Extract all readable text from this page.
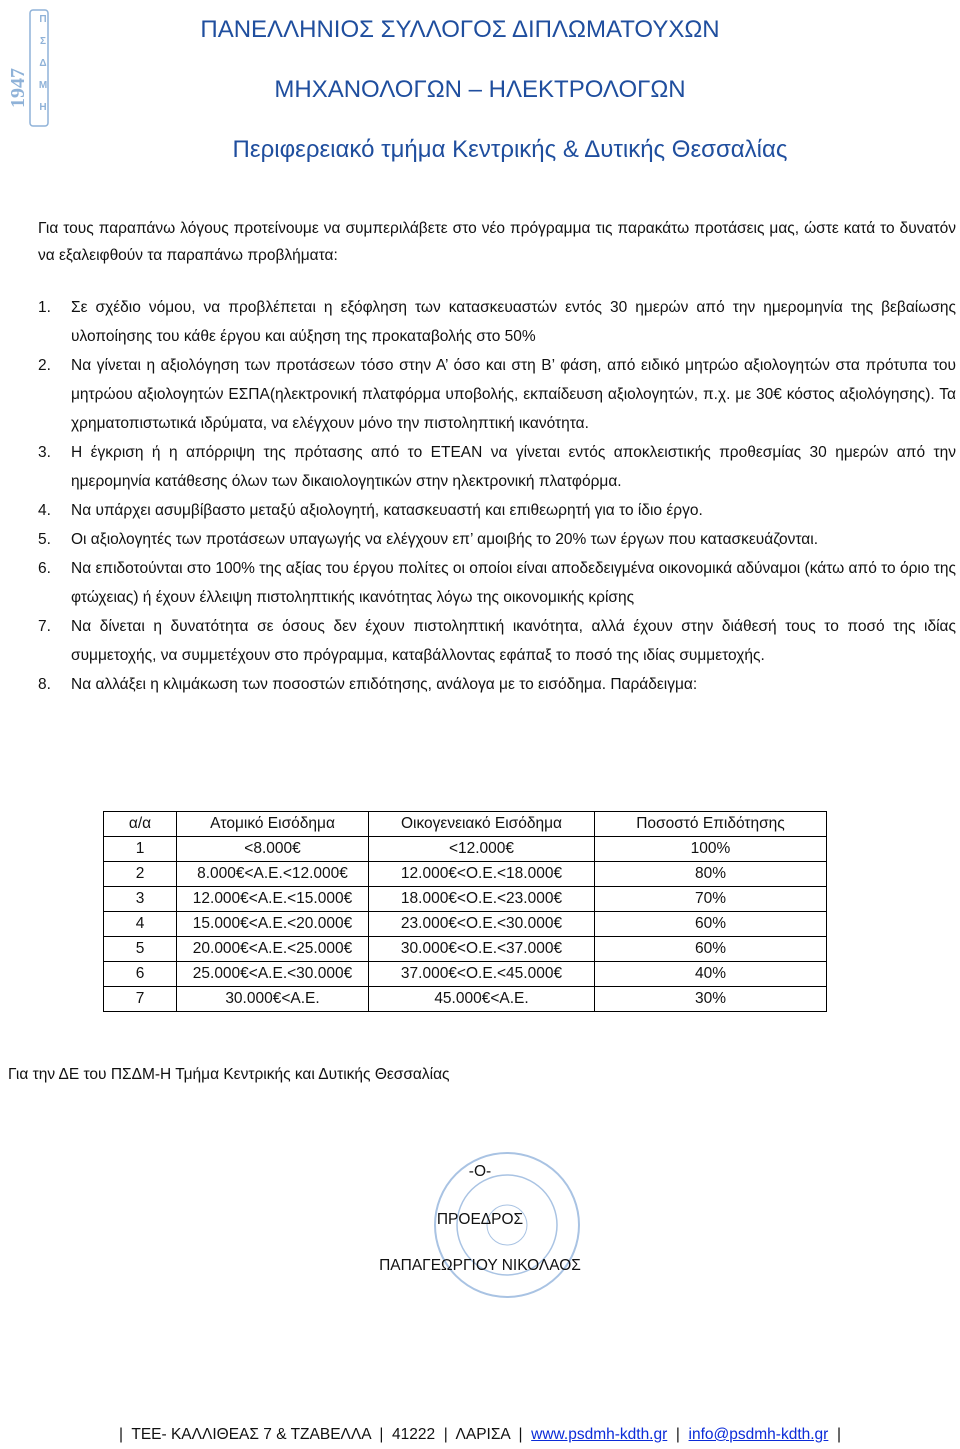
1947
Π Σ Δ Μ Η
ΠΑΝΕΛΛΗΝΙΟΣ ΣΥΛΛΟΓΟΣ ΔΙΠΛΩΜΑΤΟΥΧΩΝ
ΜΗΧΑΝΟΛΟΓΩΝ – ΗΛΕΚΤΡΟΛΟΓΩΝ
Περιφερειακό τμήμα Κεντρικής & Δυτικής Θεσσαλίας
Για τους παραπάνω λόγους προτείνουμε να συμπεριλάβετε στο νέο πρόγραμμα τις παρακάτω προτάσεις μας, ώστε κατά το δυνατόν να εξαλειφθούν τα παραπάνω προβλήματα:
1. Σε σχέδιο νόμου, να προβλέπεται η εξόφληση των κατασκευαστών εντός 30 ημερών από την ημερομηνία της βεβαίωσης υλοποίησης του κάθε έργου και αύξηση της προκαταβολής στο 50%
2. Να γίνεται η αξιολόγηση των προτάσεων τόσο στην Α’ όσο και στη Β’ φάση, από ειδικό μητρώο αξιολογητών στα πρότυπα του μητρώου αξιολογητών ΕΣΠΑ(ηλεκτρονική πλατφόρμα υποβολής, εκπαίδευση αξιολογητών, π.χ. με 30€ κόστος αξιολόγησης). Τα χρηματοπιστωτικά ιδρύματα, να ελέγχουν μόνο την πιστοληπτική ικανότητα.
3. Η έγκριση ή η απόρριψη της πρότασης από το ΕΤΕΑΝ να γίνεται εντός αποκλειστικής προθεσμίας 30 ημερών από την ημερομηνία κατάθεσης όλων των δικαιολογητικών στην ηλεκτρονική πλατφόρμα.
4. Να υπάρχει ασυμβίβαστο μεταξύ αξιολογητή, κατασκευαστή και επιθεωρητή για το ίδιο έργο.
5. Οι αξιολογητές των προτάσεων υπαγωγής να ελέγχουν επ’ αμοιβής το 20% των έργων που κατασκευάζονται.
6. Να επιδοτούνται στο 100% της αξίας του έργου πολίτες οι οποίοι είναι αποδεδειγμένα οικονομικά αδύναμοι (κάτω από το όριο της φτώχειας) ή έχουν έλλειψη πιστοληπτικής ικανότητας λόγω της οικονομικής κρίσης
7. Να δίνεται η δυνατότητα σε όσους δεν έχουν πιστοληπτική ικανότητα, αλλά έχουν στην διάθεσή τους το ποσό της ιδίας συμμετοχής, να συμμετέχουν στο πρόγραμμα, καταβάλλοντας εφάπαξ το ποσό της ιδίας συμμετοχής.
8. Να αλλάξει η κλιμάκωση των ποσοστών επιδότησης, ανάλογα με το εισόδημα. Παράδειγμα:
α/α	Ατομικό Εισόδημα	Οικογενειακό Εισόδημα	Ποσοστό Επιδότησης
1	<8.000€	<12.000€	100%
2	8.000€<Α.Ε.<12.000€	12.000€<Ο.Ε.<18.000€	80%
3	12.000€<Α.Ε.<15.000€	18.000€<Ο.Ε.<23.000€	70%
4	15.000€<Α.Ε.<20.000€	23.000€<Ο.Ε.<30.000€	60%
5	20.000€<Α.Ε.<25.000€	30.000€<Ο.Ε.<37.000€	60%
6	25.000€<Α.Ε.<30.000€	37.000€<Ο.Ε.<45.000€	40%
7	30.000€<Α.Ε.	45.000€<Α.Ε.	30%
Για την ΔΕ του ΠΣΔΜ-Η Τμήμα Κεντρικής και Δυτικής Θεσσαλίας
-Ο-
ΠΡΟΕΔΡΟΣ
ΠΑΠΑΓΕΩΡΓΙΟΥ ΝΙΚΟΛΑΟΣ
|  ΤΕΕ- ΚΑΛΛΙΘΕΑΣ 7 & ΤΖΑΒΕΛΛΑ  |  41222  |  ΛΑΡΙΣΑ  |  www.psdmh-kdth.gr  |  info@psdmh-kdth.gr  |
